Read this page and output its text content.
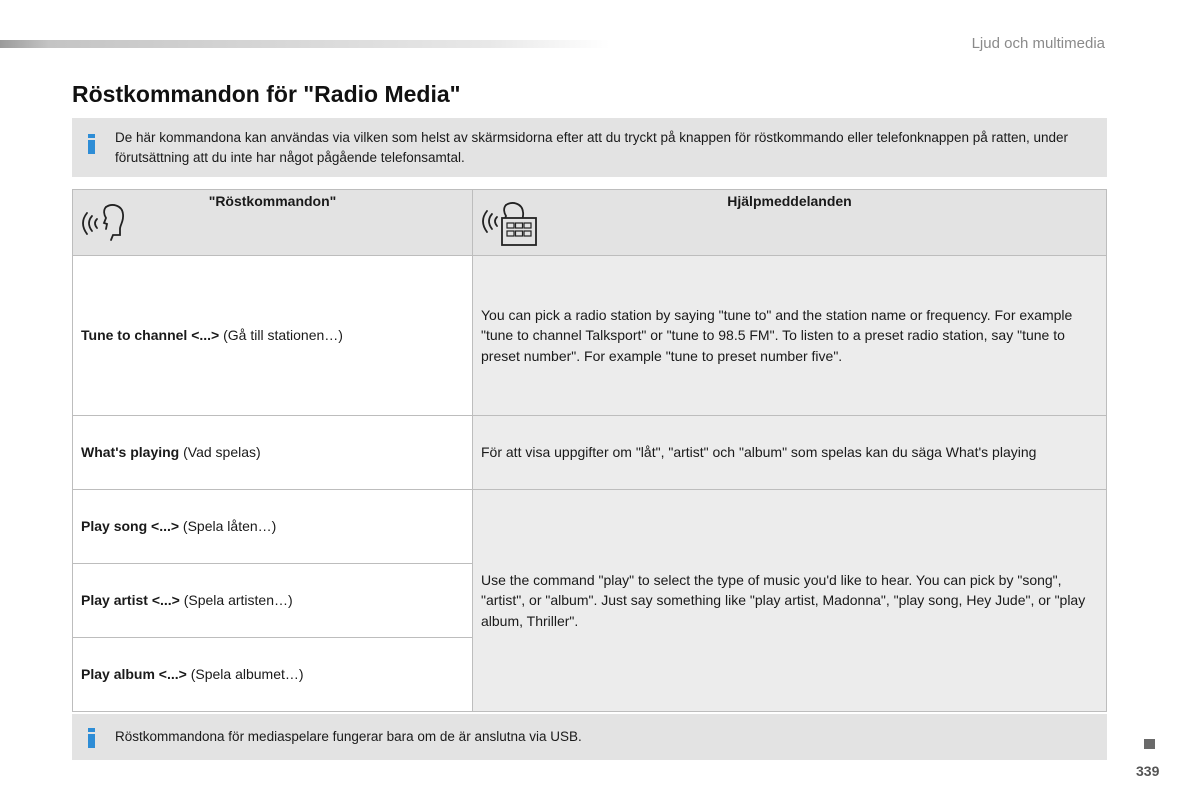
Ljud och multimedia
Röstkommandon för "Radio Media"
De här kommandona kan användas via vilken som helst av skärmsidorna efter att du tryckt på knappen för röstkommando eller telefonknappen på ratten, under förutsättning att du inte har något pågående telefonsamtal.
"Röstkommandon"	Hjälpmeddelanden

Tune to channel <...> (Gå till stationen…)	You can pick a radio station by saying "tune to" and the station name or frequency. For example "tune to channel Talksport" or "tune to 98.5 FM". To listen to a preset radio station, say "tune to preset number". For example "tune to preset number five".
What's playing (Vad spelas)	För att visa uppgifter om "låt", "artist" och "album" som spelas kan du säga What's playing
Play song <...> (Spela låten…)	Use the command "play" to select the type of music you'd like to hear. You can pick by "song", "artist", or "album". Just say something like "play artist, Madonna", "play song, Hey Jude", or "play album, Thriller".
Play artist <...> (Spela artisten…)	
Play album <...> (Spela albumet…)	
Röstkommandona för mediaspelare fungerar bara om de är anslutna via USB.
339
